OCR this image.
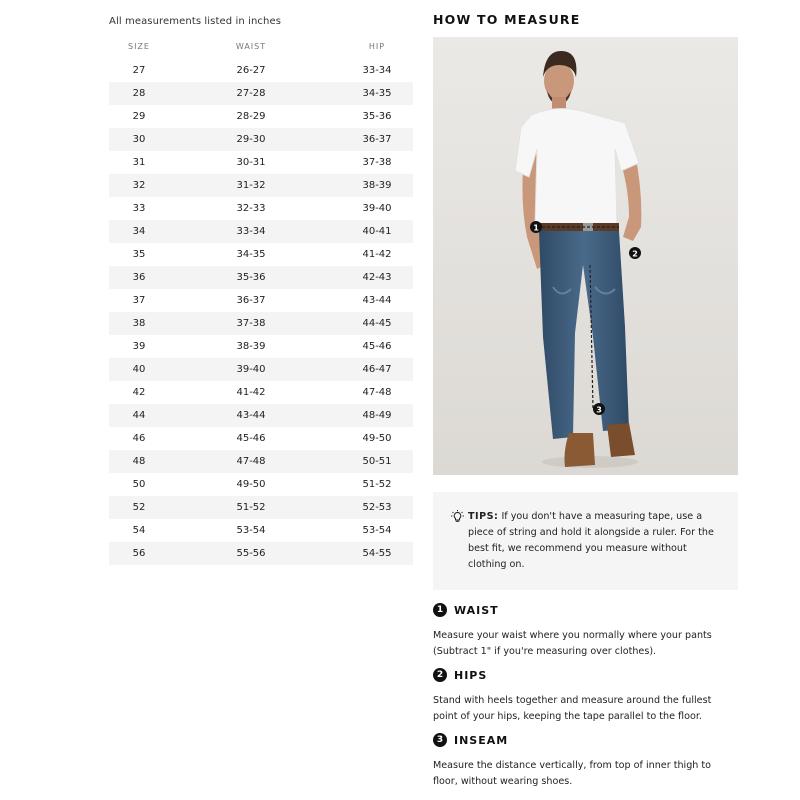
All measurements listed in inches
SIZE	WAIST	HIP
27	26-27	33-34
28	27-28	34-35
29	28-29	35-36
30	29-30	36-37
31	30-31	37-38
32	31-32	38-39
33	32-33	39-40
34	33-34	40-41
35	34-35	41-42
36	35-36	42-43
37	36-37	43-44
38	37-38	44-45
39	38-39	45-46
40	39-40	46-47
42	41-42	47-48
44	43-44	48-49
46	45-46	49-50
48	47-48	50-51
50	49-50	51-52
52	51-52	52-53
54	53-54	53-54
56	55-56	54-55
HOW TO MEASURE
1
2
3
TIPS: If you don't have a measuring tape, use a piece of string and hold it alongside a ruler. For the best fit, we recommend you measure without clothing on.
1 WAIST
Measure your waist where you normally where your pants (Subtract 1" if you're measuring over clothes).
2 HIPS
Stand with heels together and measure around the fullest point of your hips, keeping the tape parallel to the floor.
3 INSEAM
Measure the distance vertically, from top of inner thigh to floor, without wearing shoes.
